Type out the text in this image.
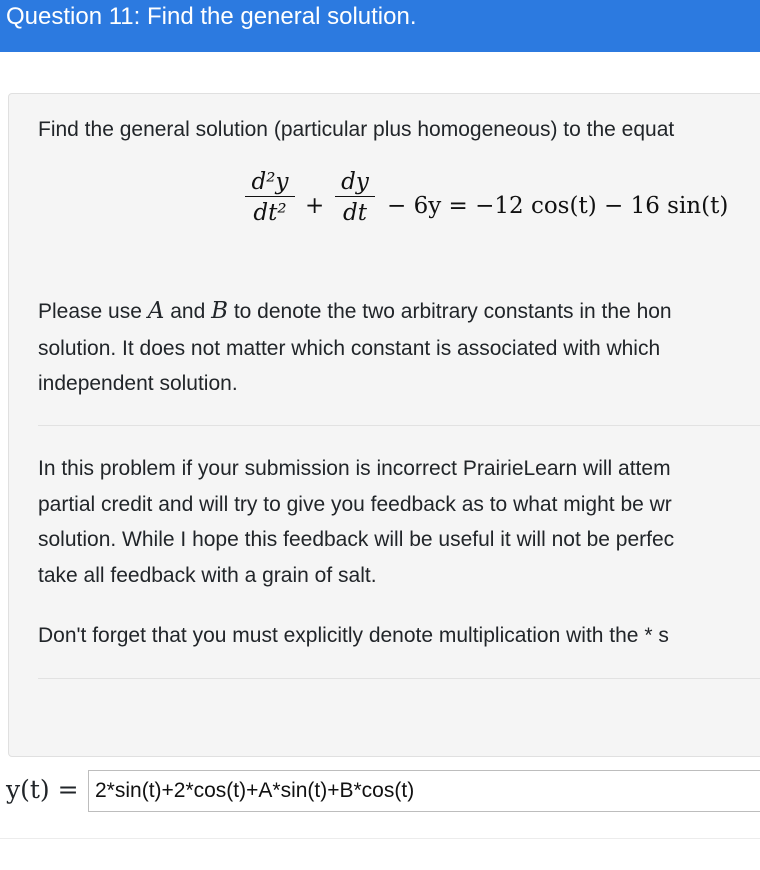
Question 11: Find the general solution.
Find the general solution (particular plus homogeneous) to the equat
$\frac{\text{d²y}}{\text{dt²}} + \frac{dy}{dt} - 6y = -12$ cos(t) − 16 sin(t)
Please use A and B to denote the two arbitrary constants in the hon
solution. It does not matter which constant is associated with which
independent solution.
In this problem if your submission is incorrect PrairieLearn will attem
partial credit and will try to give you feedback as to what might be wr
solution. While I hope this feedback will be useful it will not be perfec
take all feedback with a grain of salt.
Don't forget that you must explicitly denote multiplication with the * s
y(t) = 2*sin(t)+2*cos(t)+A*sin(t)+B*cos(t)
